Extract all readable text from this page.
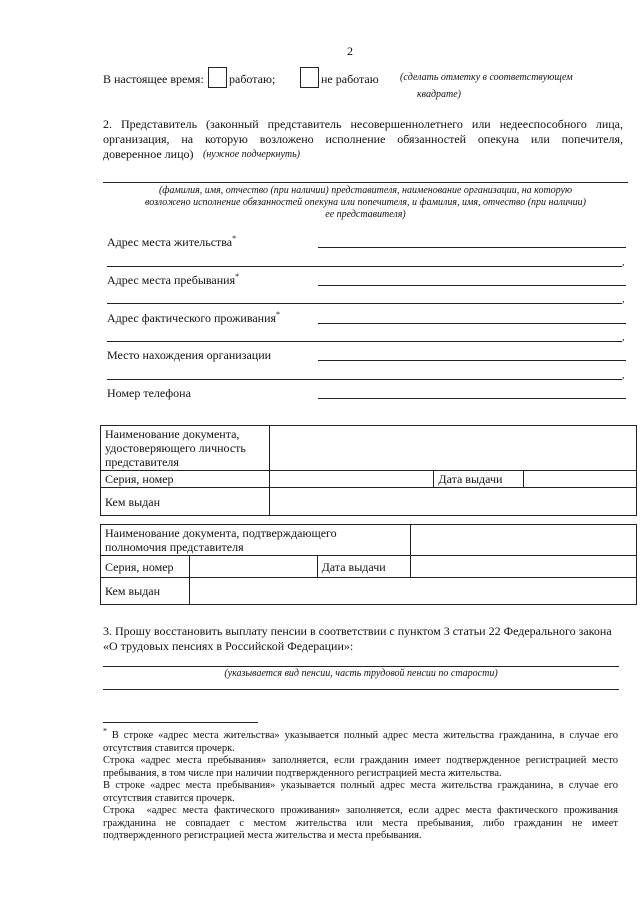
2
В настоящее время: работаю;	не работаю (сделать отметку в соответствующем
квадрате)
2. Представитель (законный представитель несовершеннолетнего или недееспособного лица,
организация, на которую возложено исполнение обязанностей опекуна или попечителя,
доверенное лицо) (нужное подчеркнуть)
(фамилия, имя, отчество (при наличии) представителя, наименование организации, на которую
возложено исполнение обязанностей опекуна или попечителя, и фамилия, имя, отчество (при наличии)
ее представителя)
Адрес места жительства*
,
Адрес места пребывания*
,
Адрес фактического проживания*
,
Место нахождения организации
,
Номер телефона
Наименование документа,
удостоверяющего личность
представителя			

Серия, номер		Дата выдачи	
Кем выдан			
Наименование документа, подтверждающего
полномочия представителя			

Серия, номер		Дата выдачи	
Кем выдан			
3. Прошу восстановить выплату пенсии в соответствии с пунктом 3 статьи 22 Федерального закона
«О трудовых пенсиях в Российской Федерации»:
(указывается вид пенсии, часть трудовой пенсии по старости)
* В строке «адрес места жительства» указывается полный адрес места жительства гражданина, в случае его
отсутствия ставится прочерк.
Строка «адрес места пребывания» заполняется, если гражданин имеет подтвержденное регистрацией место
пребывания, в том числе при наличии подтвержденного регистрацией места жительства.
В строке «адрес места пребывания» указывается полный адрес места жительства гражданина, в случае его
отсутствия ставится прочерк.
Строка  «адрес места фактического проживания» заполняется, если адрес места фактического проживания
гражданина  не  совпадает  с  местом  жительства  или  места  пребывания,  либо  гражданин  не  имеет
подтвержденного регистрацией места жительства и места пребывания.
